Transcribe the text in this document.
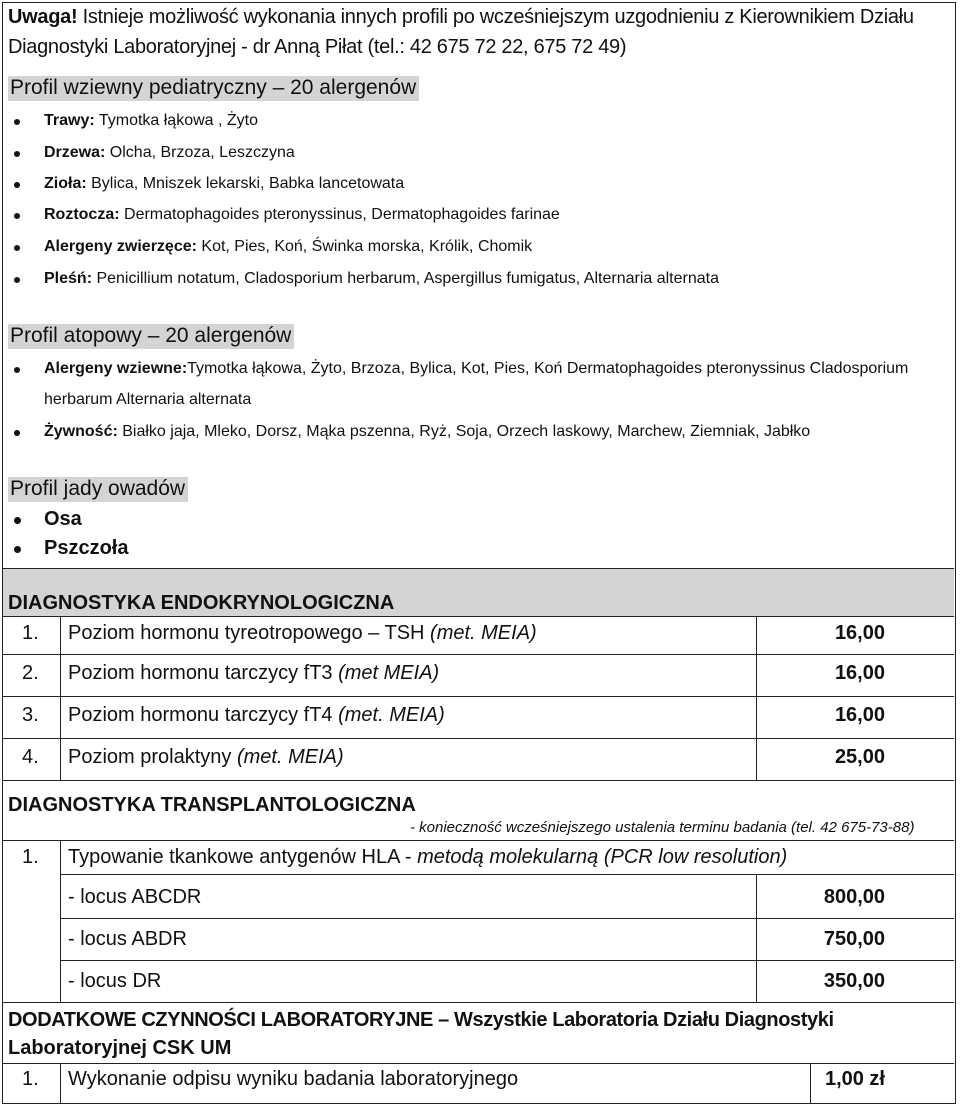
Uwaga! Istnieje możliwość wykonania innych profili po wcześniejszym uzgodnieniu z Kierownikiem Działu
Diagnostyki Laboratoryjnej - dr Anną Piłat (tel.: 42 675 72 22, 675 72 49)
Profil wziewny pediatryczny – 20 alergenów
Trawy: Tymotka łąkowa , Żyto
Drzewa: Olcha, Brzoza, Leszczyna
Zioła: Bylica, Mniszek lekarski, Babka lancetowata
Roztocza: Dermatophagoides pteronyssinus, Dermatophagoides farinae
Alergeny zwierzęce: Kot, Pies, Koń, Świnka morska, Królik, Chomik
Pleśń: Penicillium notatum, Cladosporium herbarum, Aspergillus fumigatus, Alternaria alternata
Profil atopowy – 20 alergenów
Alergeny wziewne:Tymotka łąkowa, Żyto, Brzoza, Bylica, Kot, Pies, Koń Dermatophagoides pteronyssinus Cladosporium
herbarum Alternaria alternata
Żywność: Białko jaja, Mleko, Dorsz, Mąka pszenna, Ryż, Soja, Orzech laskowy, Marchew, Ziemniak, Jabłko
Profil jady owadów
Osa
Pszczoła
DIAGNOSTYKA ENDOKRYNOLOGICZNA
1. Poziom hormonu tyreotropowego – TSH (met. MEIA)	16,00
2. Poziom hormonu tarczycy fT3 (met MEIA)	16,00
3. Poziom hormonu tarczycy fT4 (met. MEIA)	16,00
4. Poziom prolaktyny (met. MEIA)	25,00
DIAGNOSTYKA TRANSPLANTOLOGICZNA
- konieczność wcześniejszego ustalenia terminu badania (tel. 42 675-73-88)
1. Typowanie tkankowe antygenów HLA - metodą molekularną (PCR low resolution)
- locus ABCDR	800,00
- locus ABDR	750,00
- locus DR	350,00
DODATKOWE CZYNNOŚCI LABORATORYJNE – Wszystkie Laboratoria Działu Diagnostyki
Laboratoryjnej CSK UM
1. Wykonanie odpisu wyniku badania laboratoryjnego	1,00 zł
